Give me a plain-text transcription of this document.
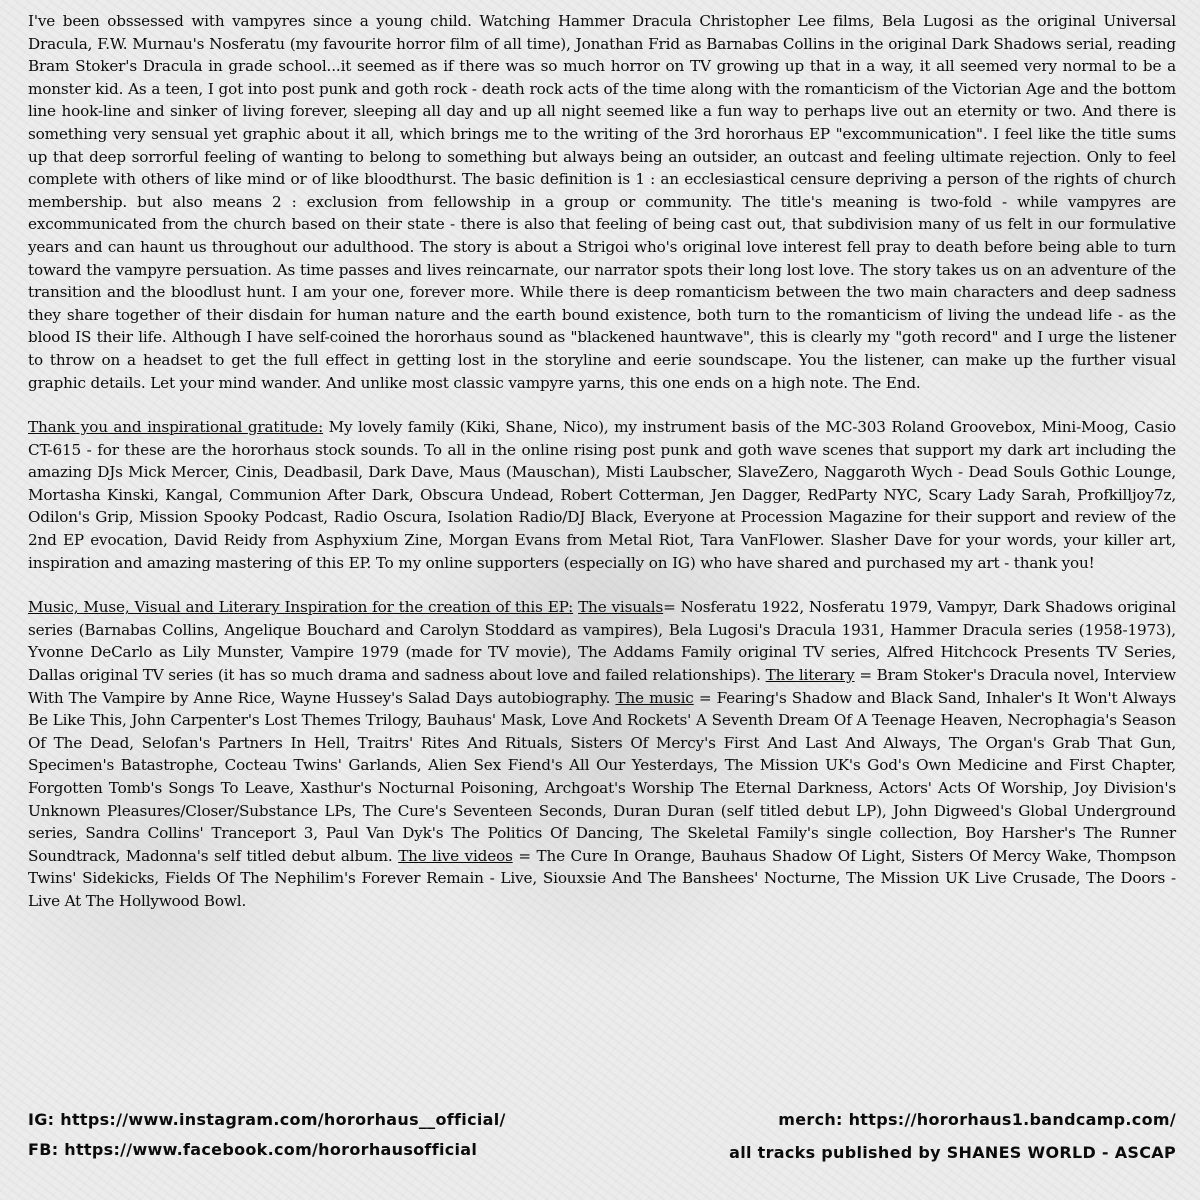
I've been obssessed with vampyres since a young child. Watching Hammer Dracula Christopher Lee films, Bela Lugosi as the original Universal Dracula, F.W. Murnau's Nosferatu (my favourite horror film of all time), Jonathan Frid as Barnabas Collins in the original Dark Shadows serial, reading Bram Stoker's Dracula in grade school...it seemed as if there was so much horror on TV growing up that in a way, it all seemed very normal to be a monster kid. As a teen, I got into post punk and goth rock - death rock acts of the time along with the romanticism of the Victorian Age and the bottom line hook-line and sinker of living forever, sleeping all day and up all night seemed like a fun way to perhaps live out an eternity or two. And there is something very sensual yet graphic about it all, which brings me to the writing of the 3rd hororhaus EP "excommunication". I feel like the title sums up that deep sorrorful feeling of wanting to belong to something but always being an outsider, an outcast and feeling ultimate rejection. Only to feel complete with others of like mind or of like bloodthurst. The basic definition is 1 : an ecclesiastical censure depriving a person of the rights of church membership. but also means 2 : exclusion from fellowship in a group or community. The title's meaning is two-fold - while vampyres are excommunicated from the church based on their state - there is also that feeling of being cast out, that subdivision many of us felt in our formulative years and can haunt us throughout our adulthood. The story is about a Strigoi who's original love interest fell pray to death before being able to turn toward the vampyre persuation. As time passes and lives reincarnate, our narrator spots their long lost love. The story takes us on an adventure of the transition and the bloodlust hunt. I am your one, forever more. While there is deep romanticism between the two main characters and deep sadness they share together of their disdain for human nature and the earth bound existence, both turn to the romanticism of living the undead life - as the blood IS their life. Although I have self-coined the hororhaus sound as "blackened hauntwave", this is clearly my "goth record" and I urge the listener to throw on a headset to get the full effect in getting lost in the storyline and eerie soundscape. You the listener, can make up the further visual graphic details. Let your mind wander. And unlike most classic vampyre yarns, this one ends on a high note. The End.

Thank you and inspirational gratitude: My lovely family (Kiki, Shane, Nico), my instrument basis of the MC-303 Roland Groovebox, Mini-Moog, Casio CT-615 - for these are the hororhaus stock sounds. To all in the online rising post punk and goth wave scenes that support my dark art including the amazing DJs Mick Mercer, Cinis, Deadbasil, Dark Dave, Maus (Mauschan), Misti Laubscher, SlaveZero, Naggaroth Wych - Dead Souls Gothic Lounge, Mortasha Kinski, Kangal, Communion After Dark, Obscura Undead, Robert Cotterman, Jen Dagger, RedParty NYC, Scary Lady Sarah, Profkilljoy7z, Odilon's Grip, Mission Spooky Podcast, Radio Oscura, Isolation Radio/DJ Black, Everyone at Procession Magazine for their support and review of the 2nd EP evocation, David Reidy from Asphyxium Zine, Morgan Evans from Metal Riot, Tara VanFlower. Slasher Dave for your words, your killer art, inspiration and amazing mastering of this EP. To my online supporters (especially on IG) who have shared and purchased my art - thank you!

Music, Muse, Visual and Literary Inspiration for the creation of this EP: The visuals= Nosferatu 1922, Nosferatu 1979, Vampyr, Dark Shadows original series (Barnabas Collins, Angelique Bouchard and Carolyn Stoddard as vampires), Bela Lugosi's Dracula 1931, Hammer Dracula series (1958-1973), Yvonne DeCarlo as Lily Munster, Vampire 1979 (made for TV movie), The Addams Family original TV series, Alfred Hitchcock Presents TV Series, Dallas original TV series (it has so much drama and sadness about love and failed relationships). The literary = Bram Stoker's Dracula novel, Interview With The Vampire by Anne Rice, Wayne Hussey's Salad Days autobiography. The music = Fearing's Shadow and Black Sand, Inhaler's It Won't Always Be Like This, John Carpenter's Lost Themes Trilogy, Bauhaus' Mask, Love And Rockets' A Seventh Dream Of A Teenage Heaven, Necrophagia's Season Of The Dead, Selofan's Partners In Hell, Traitrs' Rites And Rituals, Sisters Of Mercy's First And Last And Always, The Organ's Grab That Gun, Specimen's Batastrophe, Cocteau Twins' Garlands, Alien Sex Fiend's All Our Yesterdays, The Mission UK's God's Own Medicine and First Chapter, Forgotten Tomb's Songs To Leave, Xasthur's Nocturnal Poisoning, Archgoat's Worship The Eternal Darkness, Actors' Acts Of Worship, Joy Division's Unknown Pleasures/Closer/Substance LPs, The Cure's Seventeen Seconds, Duran Duran (self titled debut LP), John Digweed's Global Underground series, Sandra Collins' Tranceport 3, Paul Van Dyk's The Politics Of Dancing, The Skeletal Family's single collection, Boy Harsher's The Runner Soundtrack, Madonna's self titled debut album. The live videos = The Cure In Orange, Bauhaus Shadow Of Light, Sisters Of Mercy Wake, Thompson Twins' Sidekicks, Fields Of The Nephilim's Forever Remain - Live, Siouxsie And The Banshees' Nocturne, The Mission UK Live Crusade, The Doors - Live At The Hollywood Bowl.

IG: https://www.instagram.com/hororhaus__official/
FB: https://www.facebook.com/hororhausofficial
merch: https://hororhaus1.bandcamp.com/
all tracks published by SHANES WORLD - ASCAP
